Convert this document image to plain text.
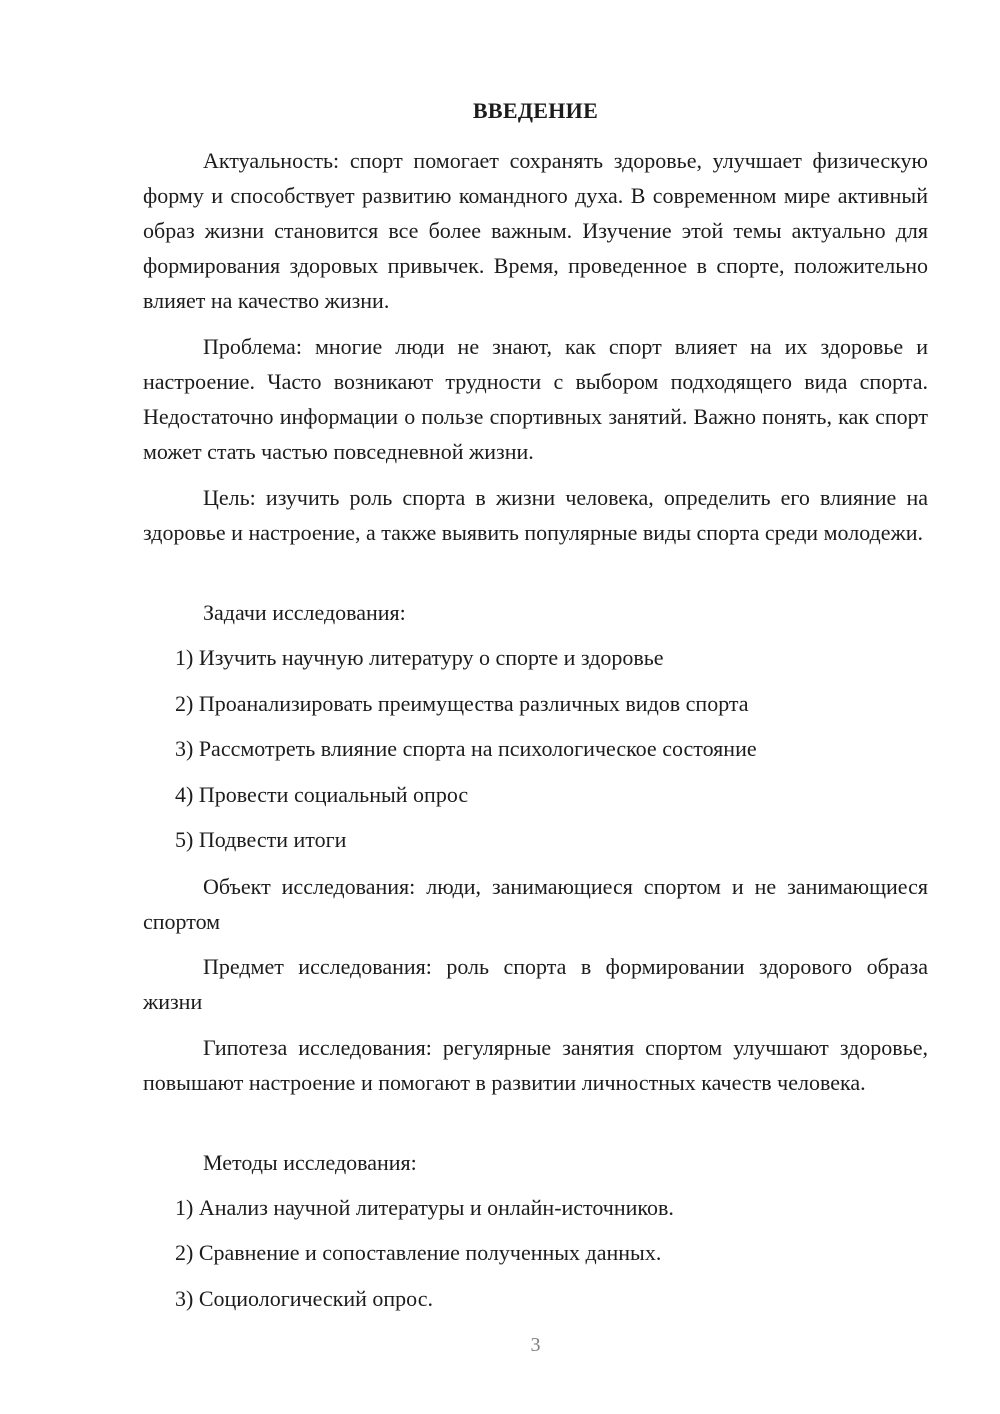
ВВЕДЕНИЕ

Актуальность: спорт помогает сохранять здоровье, улучшает физическую форму и способствует развитию командного духа. В современном мире активный образ жизни становится все более важным. Изучение этой темы актуально для формирования здоровых привычек. Время, проведенное в спорте, положительно влияет на качество жизни.

Проблема: многие люди не знают, как спорт влияет на их здоровье и настроение. Часто возникают трудности с выбором подходящего вида спорта. Недостаточно информации о пользе спортивных занятий. Важно понять, как спорт может стать частью повседневной жизни.

Цель: изучить роль спорта в жизни человека, определить его влияние на здоровье и настроение, а также выявить популярные виды спорта среди молодежи.

Задачи исследования:
1) Изучить научную литературу о спорте и здоровье
2) Проанализировать преимущества различных видов спорта
3) Рассмотреть влияние спорта на психологическое состояние
4) Провести социальный опрос
5) Подвести итоги

Объект исследования: люди, занимающиеся спортом и не занимающиеся спортом

Предмет исследования: роль спорта в формировании здорового образа жизни

Гипотеза исследования: регулярные занятия спортом улучшают здоровье, повышают настроение и помогают в развитии личностных качеств человека.

Методы исследования:
1) Анализ научной литературы и онлайн-источников.
2) Сравнение и сопоставление полученных данных.
3) Социологический опрос.
3
